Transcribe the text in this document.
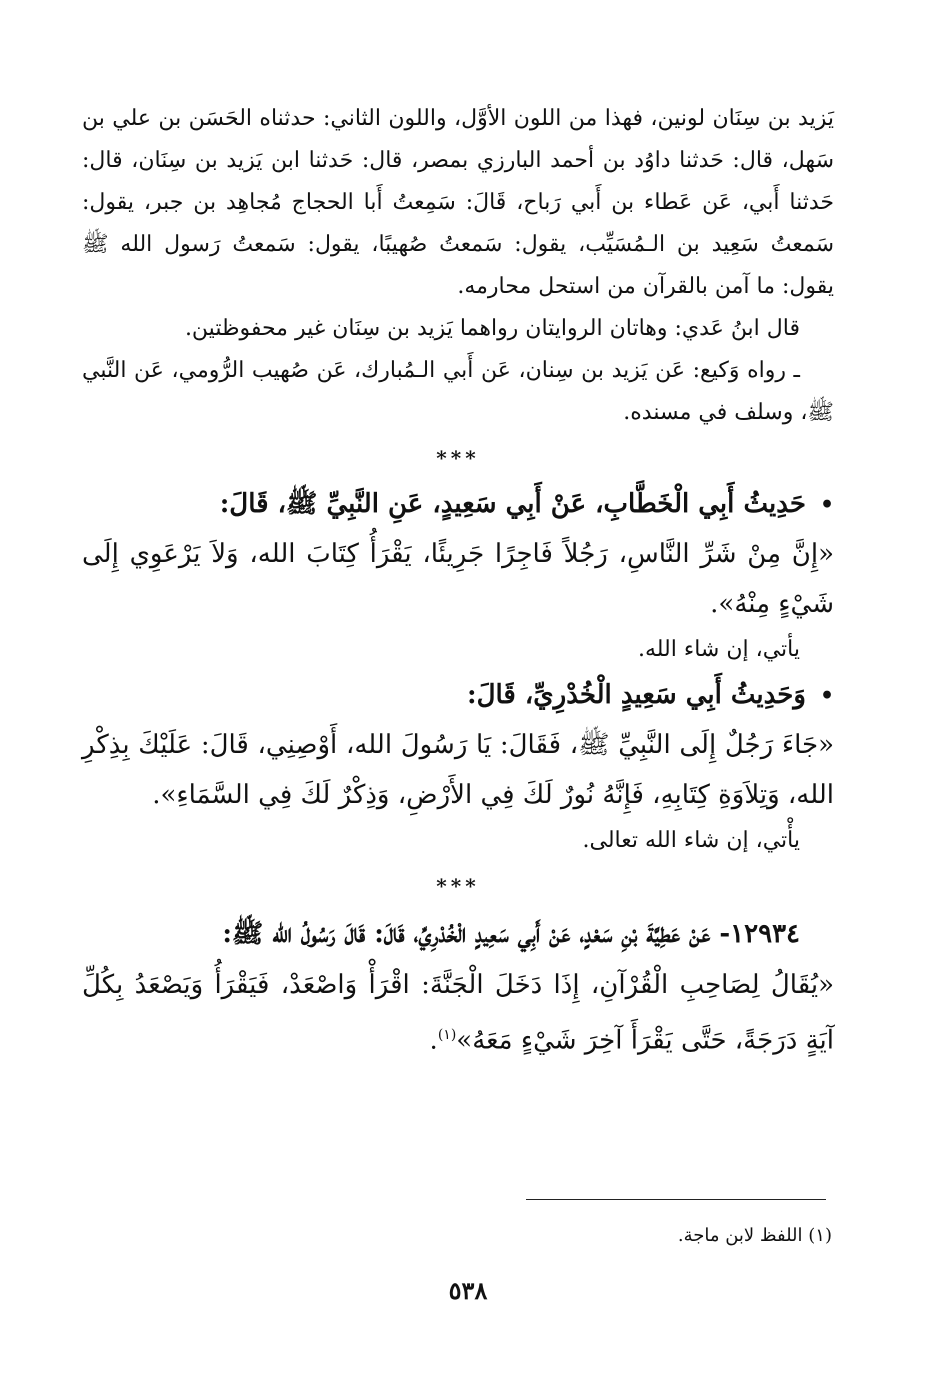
يَزيد بن سِنَان لونين، فهذا من اللون الأوَّل، واللون الثاني: حدثناه الحَسَن بن علي بن سَهل، قال: حَدثنا داوُد بن أحمد البارزي بمصر، قال: حَدثنا ابن يَزيد بن سِنَان، قال: حَدثنا أَبي، عَن عَطاء بن أَبي رَباح، قَالَ: سَمِعتُ أَبا الحجاج مُجاهِد بن جبر، يقول: سَمعتُ سَعِيد بن الـمُسَيِّب، يقول: سَمعتُ صُهيبًا، يقول: سَمعتُ رَسول الله ﷺ يقول: ما آمن بالقرآن من استحل محارمه.

قال ابنُ عَدي: وهاتان الروايتان رواهما يَزيد بن سِنَان غير محفوظتين.

ـ رواه وَكيع: عَن يَزيد بن سِنان، عَن أَبي الـمُبارك، عَن صُهيب الرُّومي، عَن النَّبي ﷺ، وسلف في مسنده.

***

•حَدِيثُ أَبِي الْخَطَّابِ، عَنْ أَبِي سَعِيدٍ، عَنِ النَّبِيِّ ﷺ، قَالَ:

«إِنَّ مِنْ شَرِّ النَّاسِ، رَجُلاً فَاجِرًا جَرِيئًا، يَقْرَأُ كِتَابَ الله، وَلاَ يَرْعَوِي إِلَى شَيْءٍ مِنْهُ».

يأتي، إن شاء الله.

•وَحَدِيثُ أَبِي سَعِيدٍ الْخُدْرِيِّ، قَالَ:

«جَاءَ رَجُلٌ إِلَى النَّبِيِّ ﷺ، فَقَالَ: يَا رَسُولَ الله، أَوْصِنِي، قَالَ: عَلَيْكَ بِذِكْرِ الله، وَتِلاَوَةِ كِتَابِهِ، فَإِنَّهُ نُورٌ لَكَ فِي الأَرْضِ، وَذِكْرٌ لَكَ فِي السَّمَاءِ».

يأْتي، إن شاء الله تعالى.

***

١٢٩٣٤- عَنْ عَطِيَّةَ بْنِ سَعْدٍ، عَنْ أَبِي سَعِيدٍ الْخُدْرِيِّ، قَالَ: قَالَ رَسُولُ الله ﷺ:

«يُقَالُ لِصَاحِبِ الْقُرْآنِ، إِذَا دَخَلَ الْجَنَّةَ: اقْرَأْ وَاصْعَدْ، فَيَقْرَأُ وَيَصْعَدُ بِكُلِّ آيَةٍ دَرَجَةً، حَتَّى يَقْرَأَ آخِرَ شَيْءٍ مَعَهُ»$^{(١)}$.

(١) اللفظ لابن ماجة.
٥٣٨
